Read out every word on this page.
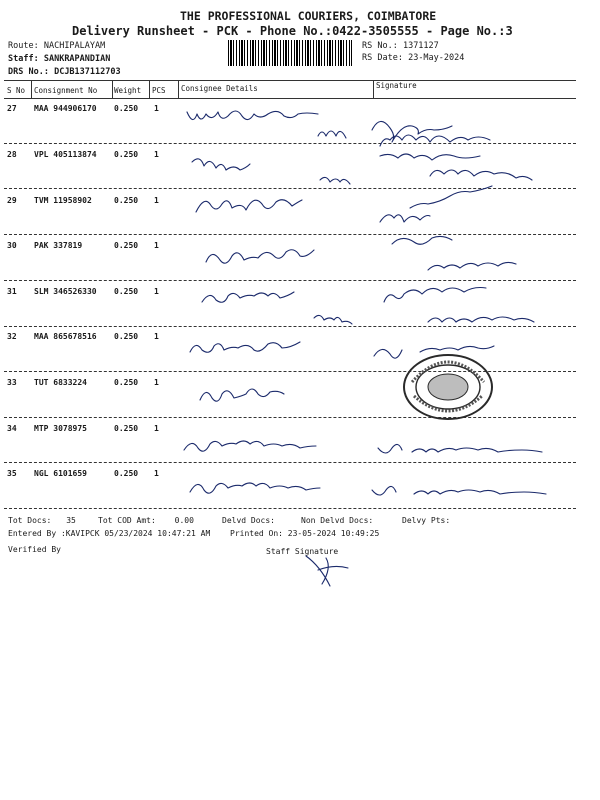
THE PROFESSIONAL COURIERS, COIMBATORE
Delivery Runsheet - PCK - Phone No.:0422-3505555 - Page No.:3
Route: NACHIPALAYAM
Staff: SANKRAPANDIAN
DRS No.: DCJB137112703
RS No.: 1371127
RS Date: 23-May-2024
S No Consignment No Weight PCS Consignee Details	Signature
27 MAA 944906170 0.250 1
28 VPL 405113874 0.250 1
29 TVM 11958902	0.250 1
30 PAK 337819	0.250 1
31 SLM 346526330 0.250 1
32 MAA 865678516 0.250 1
33 TUT 6833224	0.250 1
34 MTP 3078975	0.250 1
35 NGL 6101659	0.250 1
Tot Docs: 35	Tot COD Amt: 0.00	Delvd Docs:	Non Delvd Docs:	Delvy Pts:
Entered By :KAVIPCK 05/23/2024 10:47:21 AM Printed On: 23-05-2024 10:49:25
Verified By	Staff Signature
